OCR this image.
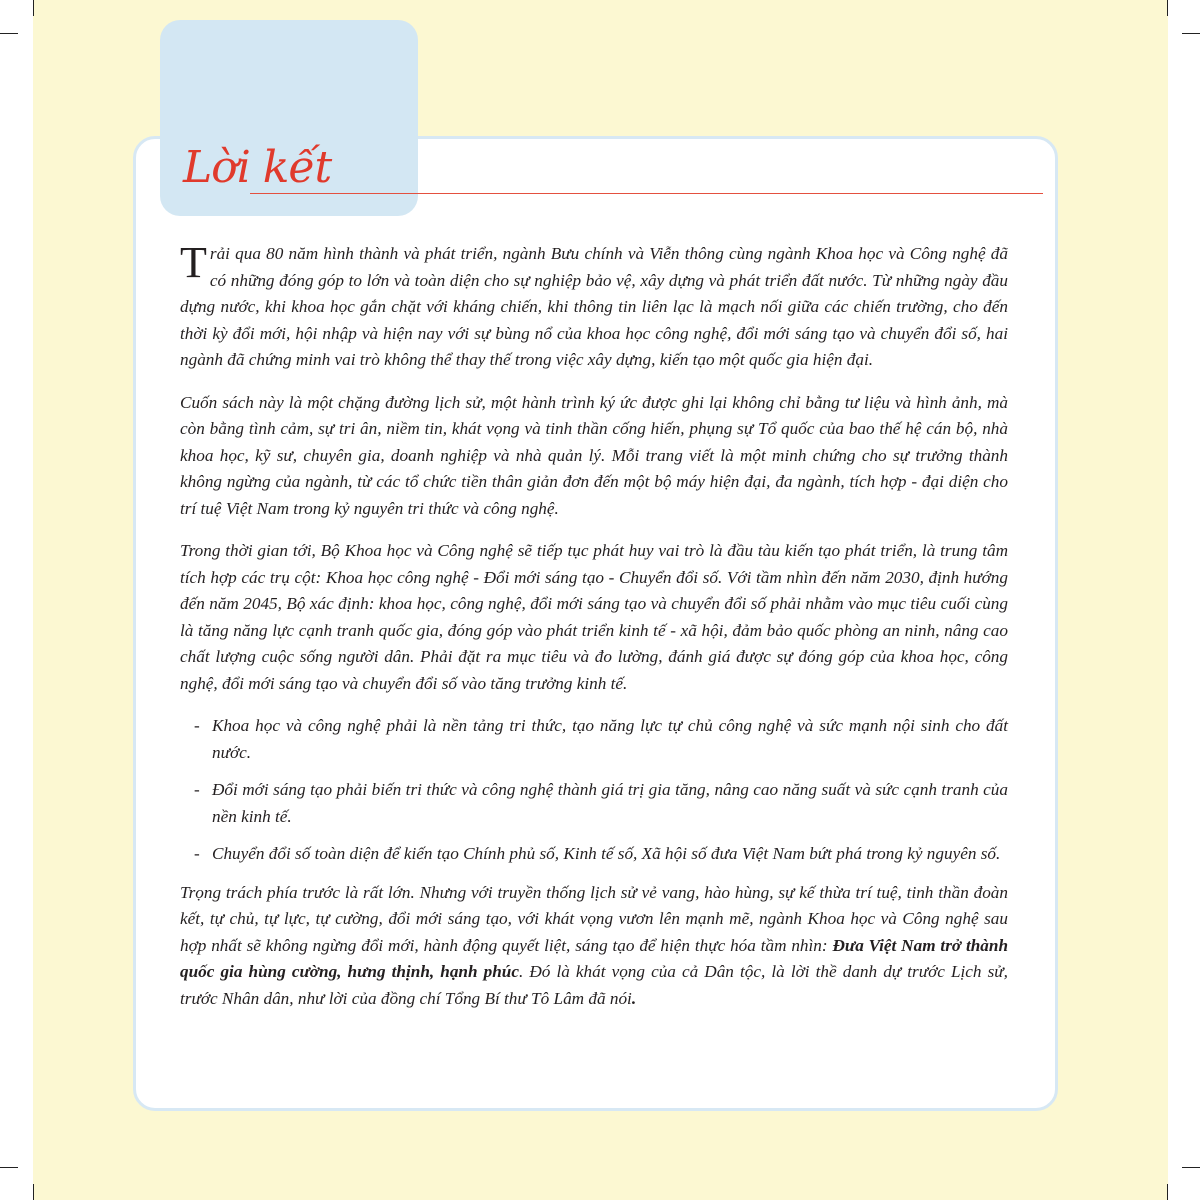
Lời kết

Trải qua 80 năm hình thành và phát triển, ngành Bưu chính và Viễn thông cùng ngành Khoa học và Công nghệ đã có những đóng góp to lớn và toàn diện cho sự nghiệp bảo vệ, xây dựng và phát triển đất nước. Từ những ngày đầu dựng nước, khi khoa học gắn chặt với kháng chiến, khi thông tin liên lạc là mạch nối giữa các chiến trường, cho đến thời kỳ đổi mới, hội nhập và hiện nay với sự bùng nổ của khoa học công nghệ, đổi mới sáng tạo và chuyển đổi số, hai ngành đã chứng minh vai trò không thể thay thế trong việc xây dựng, kiến tạo một quốc gia hiện đại.

Cuốn sách này là một chặng đường lịch sử, một hành trình ký ức được ghi lại không chỉ bằng tư liệu và hình ảnh, mà còn bằng tình cảm, sự tri ân, niềm tin, khát vọng và tinh thần cống hiến, phụng sự Tổ quốc của bao thế hệ cán bộ, nhà khoa học, kỹ sư, chuyên gia, doanh nghiệp và nhà quản lý. Mỗi trang viết là một minh chứng cho sự trưởng thành không ngừng của ngành, từ các tổ chức tiền thân giản đơn đến một bộ máy hiện đại, đa ngành, tích hợp - đại diện cho trí tuệ Việt Nam trong kỷ nguyên tri thức và công nghệ.

Trong thời gian tới, Bộ Khoa học và Công nghệ sẽ tiếp tục phát huy vai trò là đầu tàu kiến tạo phát triển, là trung tâm tích hợp các trụ cột: Khoa học công nghệ - Đổi mới sáng tạo - Chuyển đổi số. Với tầm nhìn đến năm 2030, định hướng đến năm 2045, Bộ xác định: khoa học, công nghệ, đổi mới sáng tạo và chuyển đổi số phải nhằm vào mục tiêu cuối cùng là tăng năng lực cạnh tranh quốc gia, đóng góp vào phát triển kinh tế - xã hội, đảm bảo quốc phòng an ninh, nâng cao chất lượng cuộc sống người dân. Phải đặt ra mục tiêu và đo lường, đánh giá được sự đóng góp của khoa học, công nghệ, đổi mới sáng tạo và chuyển đổi số vào tăng trưởng kinh tế.

- Khoa học và công nghệ phải là nền tảng tri thức, tạo năng lực tự chủ công nghệ và sức mạnh nội sinh cho đất nước.
- Đổi mới sáng tạo phải biến tri thức và công nghệ thành giá trị gia tăng, nâng cao năng suất và sức cạnh tranh của nền kinh tế.
- Chuyển đổi số toàn diện để kiến tạo Chính phủ số, Kinh tế số, Xã hội số đưa Việt Nam bứt phá trong kỷ nguyên số.

Trọng trách phía trước là rất lớn. Nhưng với truyền thống lịch sử vẻ vang, hào hùng, sự kế thừa trí tuệ, tinh thần đoàn kết, tự chủ, tự lực, tự cường, đổi mới sáng tạo, với khát vọng vươn lên mạnh mẽ, ngành Khoa học và Công nghệ sau hợp nhất sẽ không ngừng đổi mới, hành động quyết liệt, sáng tạo để hiện thực hóa tầm nhìn: Đưa Việt Nam trở thành quốc gia hùng cường, hưng thịnh, hạnh phúc. Đó là khát vọng của cả Dân tộc, là lời thề danh dự trước Lịch sử, trước Nhân dân, như lời của đồng chí Tổng Bí thư Tô Lâm đã nói.
